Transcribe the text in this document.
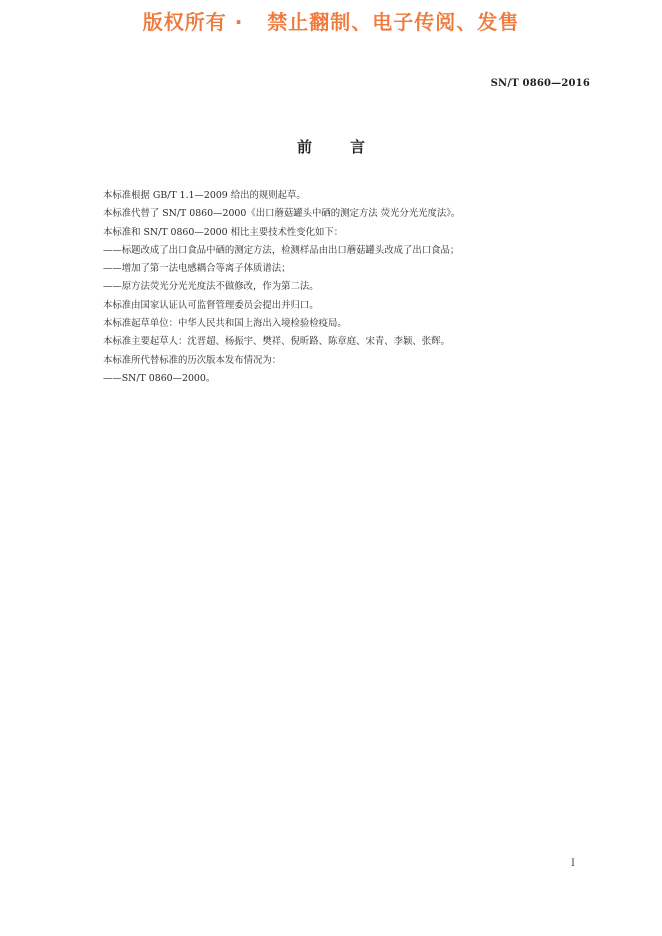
版权所有 ·   禁止翻制、电子传阅、发售
SN/T 0860—2016
前言
本标准根据 GB/T 1.1—2009 给出的规则起草。
本标准代替了 SN/T 0860—2000《出口蘑菇罐头中硒的测定方法 荧光分光光度法》。
本标准和 SN/T 0860—2000 相比主要技术性变化如下：
——标题改成了出口食品中硒的测定方法，检测样品由出口蘑菇罐头改成了出口食品；
——增加了第一法电感耦合等离子体质谱法；
——原方法荧光分光光度法不做修改，作为第二法。
本标准由国家认证认可监督管理委员会提出并归口。
本标准起草单位：中华人民共和国上海出入境检验检疫局。
本标准主要起草人：沈晋超、杨振宇、樊祥、倪昕路、陈章庭、宋青、李颖、张辉。
本标准所代替标准的历次版本发布情况为：
——SN/T 0860—2000。
I
